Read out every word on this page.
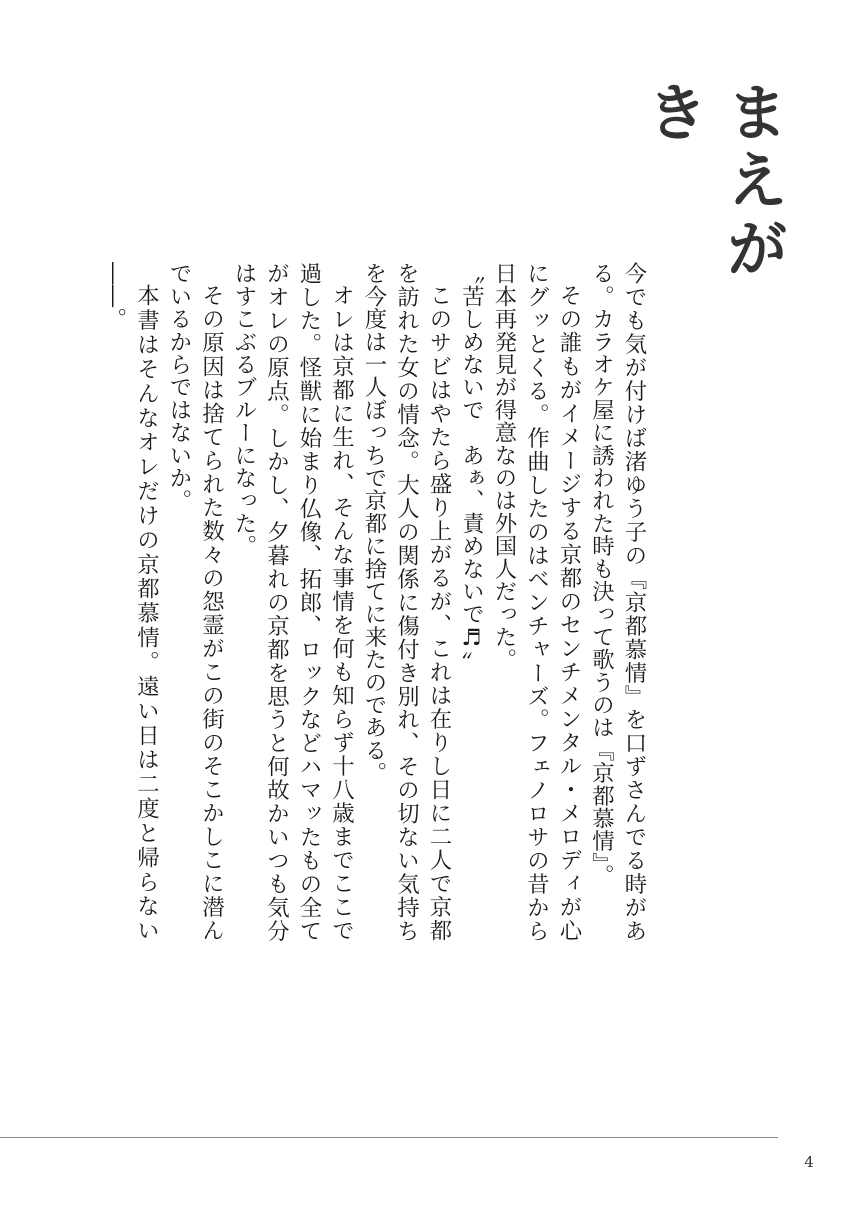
まえがき

今でも気が付けば渚ゆう子の『京都慕情』を口ずさんでる時がある。カラオケ屋に誘われた時も決って歌うのは『京都慕情』。

その誰もがイメージする京都のセンチメンタル・メロディが心にグッとくる。作曲したのはベンチャーズ。フェノロサの昔から日本再発見が得意なのは外国人だった。

〝苦しめないで　あぁ、責めないで♬〟

このサビはやたら盛り上がるが、これは在りし日に二人で京都を訪れた女の情念。大人の関係に傷付き別れ、その切ない気持ちを今度は一人ぼっちで京都に捨てに来たのである。

オレは京都に生れ、そんな事情を何も知らず十八歳までここで過した。怪獣に始まり仏像、拓郎、ロックなどハマッたもの全てがオレの原点。しかし、夕暮れの京都を思うと何故かいつも気分はすこぶるブルーになった。

その原因は捨てられた数々の怨霊がこの街のそこかしこに潜んでいるからではないか。

本書はそんなオレだけの京都慕情。遠い日は二度と帰らない――。

4
